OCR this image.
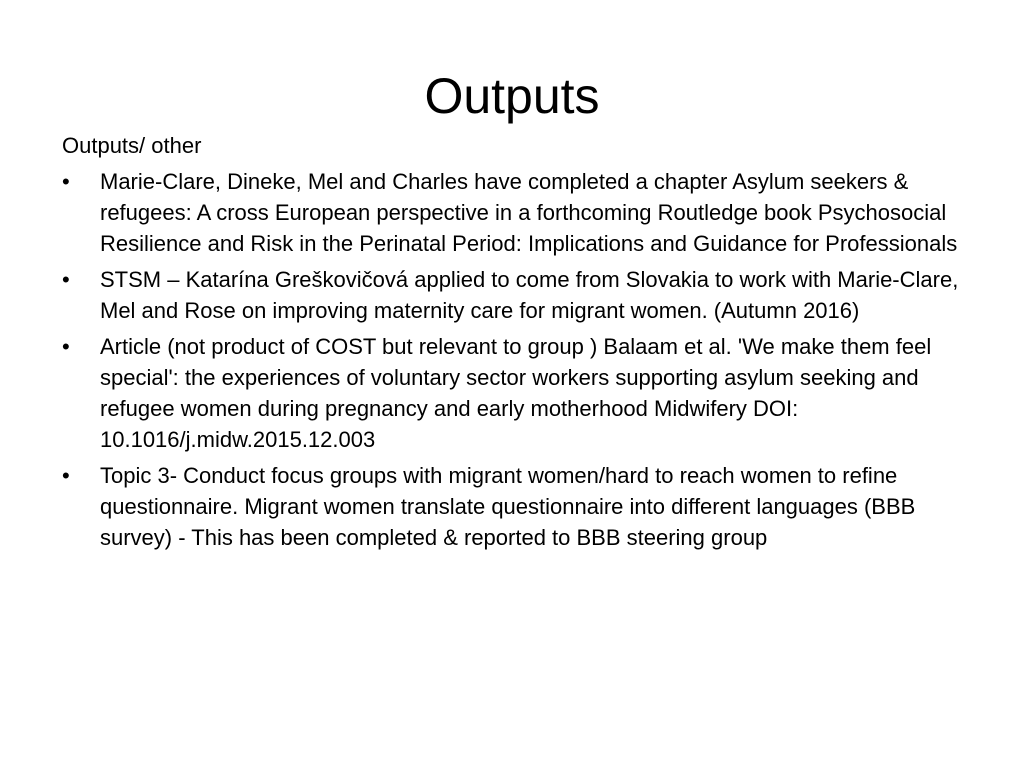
Outputs
Outputs/ other
•	Marie-Clare, Dineke, Mel and Charles have completed a chapter Asylum seekers & refugees: A cross European perspective in a forthcoming Routledge book Psychosocial Resilience and Risk in the Perinatal Period: Implications and Guidance for Professionals
•	STSM – Katarína Greškovičová applied to come from Slovakia to work with Marie-Clare, Mel and Rose on improving maternity care for migrant women. (Autumn 2016)
•	Article (not product of COST but relevant to group ) Balaam et al. 'We make them feel special': the experiences of voluntary sector workers supporting asylum seeking and refugee women during pregnancy and early motherhood Midwifery DOI: 10.1016/j.midw.2015.12.003
•	Topic 3- Conduct focus groups with migrant women/hard to reach women to refine questionnaire. Migrant women translate questionnaire into different languages (BBB survey) - This has been completed & reported to BBB steering group
